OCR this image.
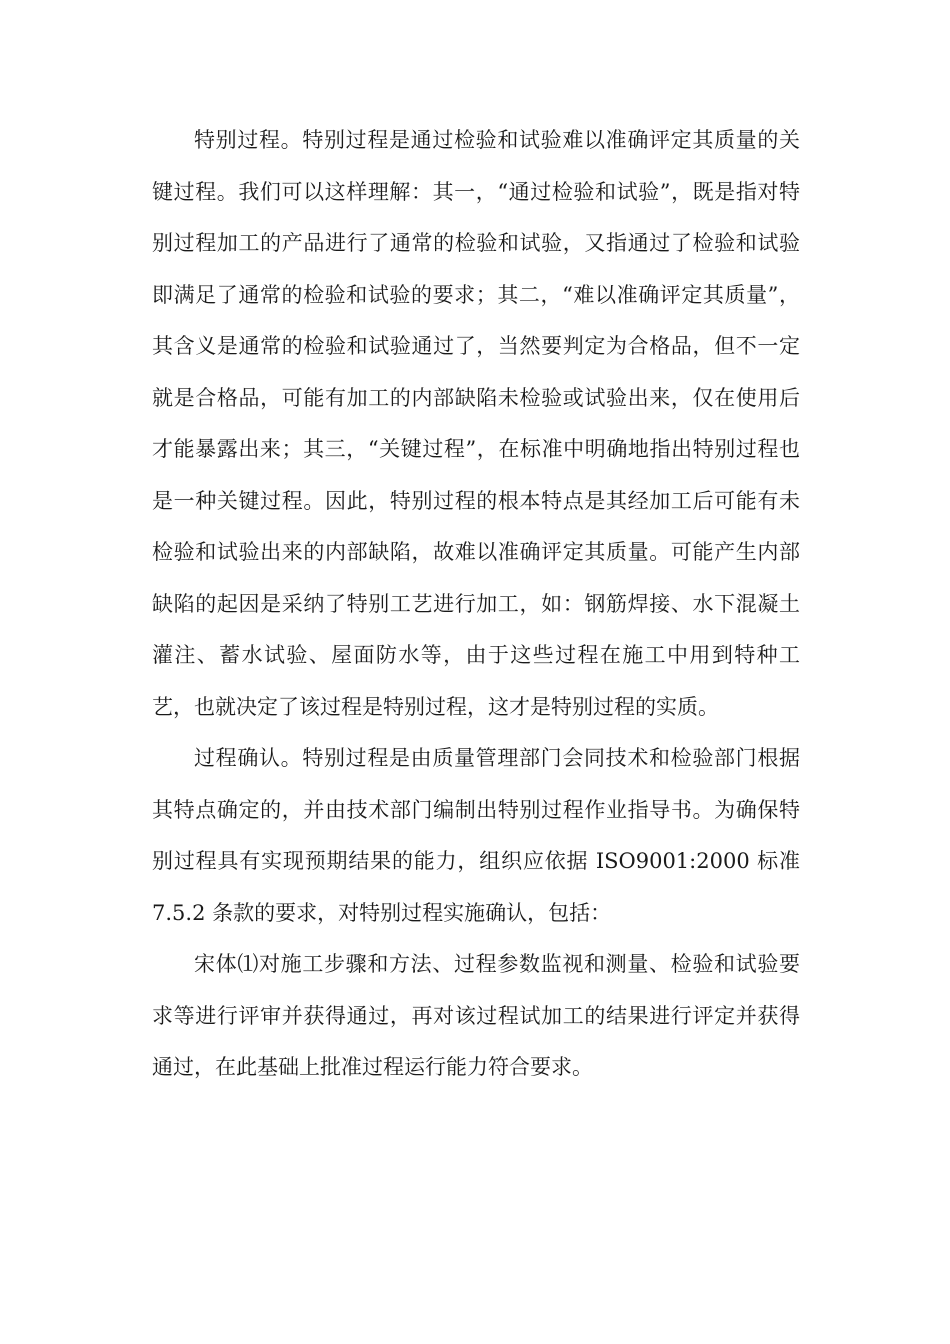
特别过程。特别过程是通过检验和试验难以准确评定其质量的关键过程。我们可以这样理解：其一，“通过检验和试验”，既是指对特别过程加工的产品进行了通常的检验和试验，又指通过了检验和试验即满足了通常的检验和试验的要求；其二，“难以准确评定其质量”，其含义是通常的检验和试验通过了，当然要判定为合格品，但不一定就是合格品，可能有加工的内部缺陷未检验或试验出来，仅在使用后才能暴露出来；其三，“关键过程”，在标准中明确地指出特别过程也是一种关键过程。因此，特别过程的根本特点是其经加工后可能有未检验和试验出来的内部缺陷，故难以准确评定其质量。可能产生内部缺陷的起因是采纳了特别工艺进行加工，如：钢筋焊接、水下混凝土灌注、蓄水试验、屋面防水等，由于这些过程在施工中用到特种工艺，也就决定了该过程是特别过程，这才是特别过程的实质。

过程确认。特别过程是由质量管理部门会同技术和检验部门根据其特点确定的，并由技术部门编制出特别过程作业指导书。为确保特别过程具有实现预期结果的能力，组织应依据 ISO9001:2000 标准 7.5.2 条款的要求，对特别过程实施确认，包括：

宋体⑴对施工步骤和方法、过程参数监视和测量、检验和试验要求等进行评审并获得通过，再对该过程试加工的结果进行评定并获得通过，在此基础上批准过程运行能力符合要求。
